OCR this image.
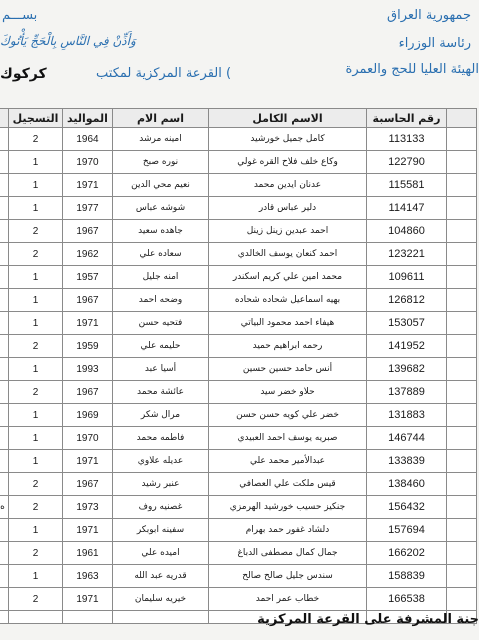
جمهورية العراق
رئاسة الوزراء
الهيئة العليا للحج والعمرة
بســـم
وَأَذِّنْ فِي النَّاسِ بِالْحَجِّ يَأْتُوكَ
القرعة المركزية لمكتب (
كركوك
	التسجيل	المواليد	اسم الام	الاسم الكامل	رقم الحاسبة	
	2	1964	امينه مرشد	كامل جميل خورشيد	113133	
	1	1970	نوره صبخ	وكاع خلف فلاح القره غولي	122790	
	1	1971	نعيم محي الدين	عدنان ايدين محمد	115581	
	1	1977	شوشه عباس	دلير عباس قادر	114147	
	2	1967	جاهده سعيد	احمد عبدين زينل زينل	104860	
	2	1962	سعاده علي	احمد كنعان يوسف الخالدي	123221	
	1	1957	امنه جليل	محمد امين علي كريم اسكندر	109611	
	1	1967	وضحه احمد	بهيه اسماعيل شحاده شحاده	126812	
	1	1971	فتحيه حسن	هيفاء احمد محمود البياتي	153057	
	2	1959	حليمه علي	رحمه ابراهيم حميد	141952	
	1	1993	أسيا عبد	أنس حامد حسين حسين	139682	
	2	1967	عائشة محمد	حلاو خضر سيد	137889	
	1	1969	مرال شكر	خضر علي كويه حسن حسن	131883	
	1	1970	فاطمه محمد	صبريه يوسف احمد العبيدي	146744	
	1	1971	عديله علاوي	عبدالأمير محمد علي	133839	
	2	1967	عنبر رشيد	قيس ملكت علي العصافي	138460	
ه	2	1973	غصنيه روف	جنكيز حسيب خورشيد الهرمزي	156432	
	1	1971	سفينه ابوبكر	دلشاد غفور حمد بهرام	157694	
	2	1961	اميده علي	جمال كمال مصطفى الدباغ	166202	
	1	1963	قدريه عبد الله	سندس جليل صالح صالح	158839	
	2	1971	خيريه سليمان	خطاب عمر احمد	166538	

جنة المشرفة على القرعة المركزية
